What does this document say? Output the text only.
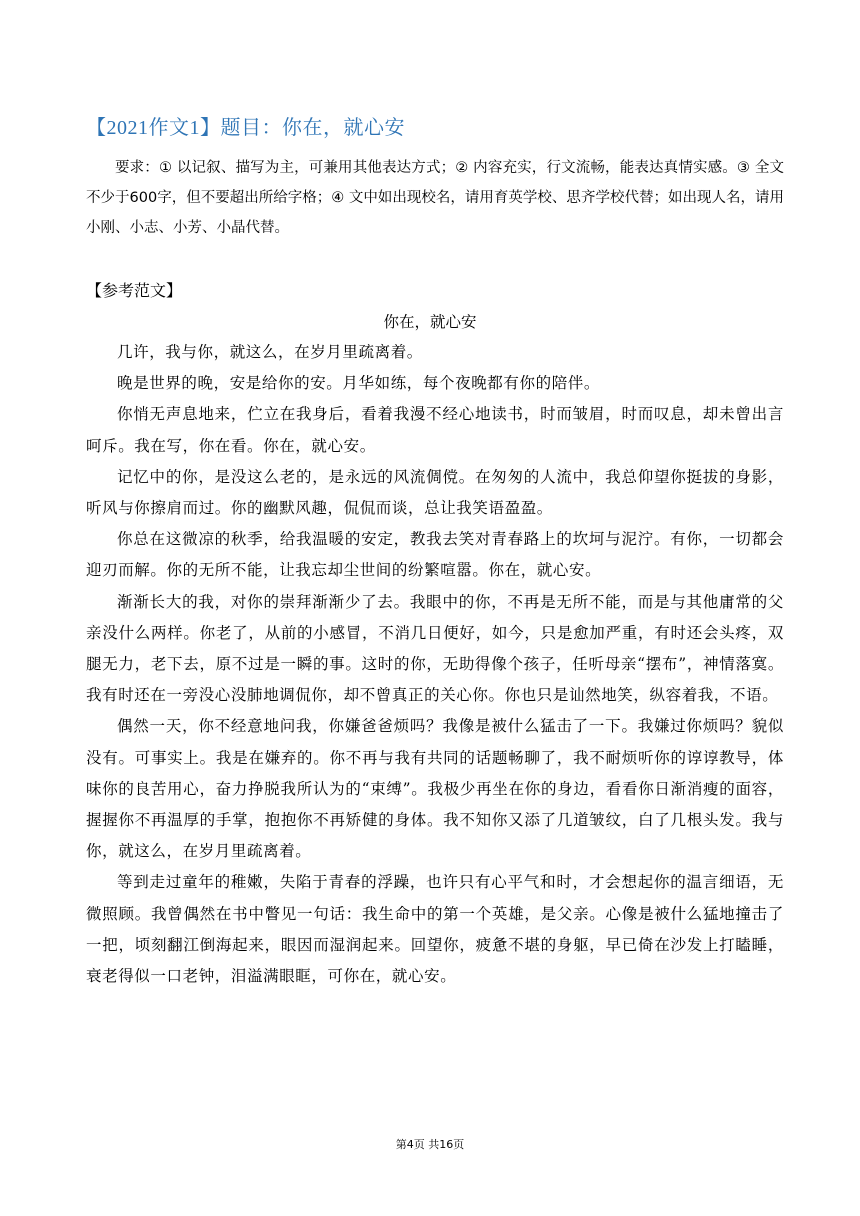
【2021作文1】题目：你在，就心安

要求：① 以记叙、描写为主，可兼用其他表达方式；② 内容充实，行文流畅，能表达真情实感。③ 全文不少于600字，但不要超出所给字格；④ 文中如出现校名，请用育英学校、思齐学校代替；如出现人名，请用小刚、小志、小芳、小晶代替。

【参考范文】
你在，就心安

几许，我与你，就这么，在岁月里疏离着。

晚是世界的晚，安是给你的安。月华如练，每个夜晚都有你的陪伴。

你悄无声息地来，伫立在我身后，看着我漫不经心地读书，时而皱眉，时而叹息，却未曾出言呵斥。我在写，你在看。你在，就心安。

记忆中的你，是没这么老的，是永远的风流倜傥。在匆匆的人流中，我总仰望你挺拔的身影，听风与你擦肩而过。你的幽默风趣，侃侃而谈，总让我笑语盈盈。

你总在这微凉的秋季，给我温暖的安定，教我去笑对青春路上的坎坷与泥泞。有你，一切都会迎刃而解。你的无所不能，让我忘却尘世间的纷繁喧嚣。你在，就心安。

渐渐长大的我，对你的崇拜渐渐少了去。我眼中的你，不再是无所不能，而是与其他庸常的父亲没什么两样。你老了，从前的小感冒，不消几日便好，如今，只是愈加严重，有时还会头疼，双腿无力，老下去，原不过是一瞬的事。这时的你，无助得像个孩子，任听母亲“摆布”，神情落寞。我有时还在一旁没心没肺地调侃你，却不曾真正的关心你。你也只是讪然地笑，纵容着我，不语。

偶然一天，你不经意地问我，你嫌爸爸烦吗？我像是被什么猛击了一下。我嫌过你烦吗？貌似没有。可事实上。我是在嫌弃的。你不再与我有共同的话题畅聊了，我不耐烦听你的谆谆教导，体味你的良苦用心，奋力挣脱我所认为的“束缚”。我极少再坐在你的身边，看看你日渐消瘦的面容，握握你不再温厚的手掌，抱抱你不再矫健的身体。我不知你又添了几道皱纹，白了几根头发。我与你，就这么，在岁月里疏离着。

等到走过童年的稚嫩，失陷于青春的浮躁，也许只有心平气和时，才会想起你的温言细语，无微照顾。我曾偶然在书中瞥见一句话：我生命中的第一个英雄，是父亲。心像是被什么猛地撞击了一把，顷刻翻江倒海起来，眼因而湿润起来。回望你，疲惫不堪的身躯，早已倚在沙发上打瞌睡，衰老得似一口老钟，泪溢满眼眶，可你在，就心安。

第4页 共16页
